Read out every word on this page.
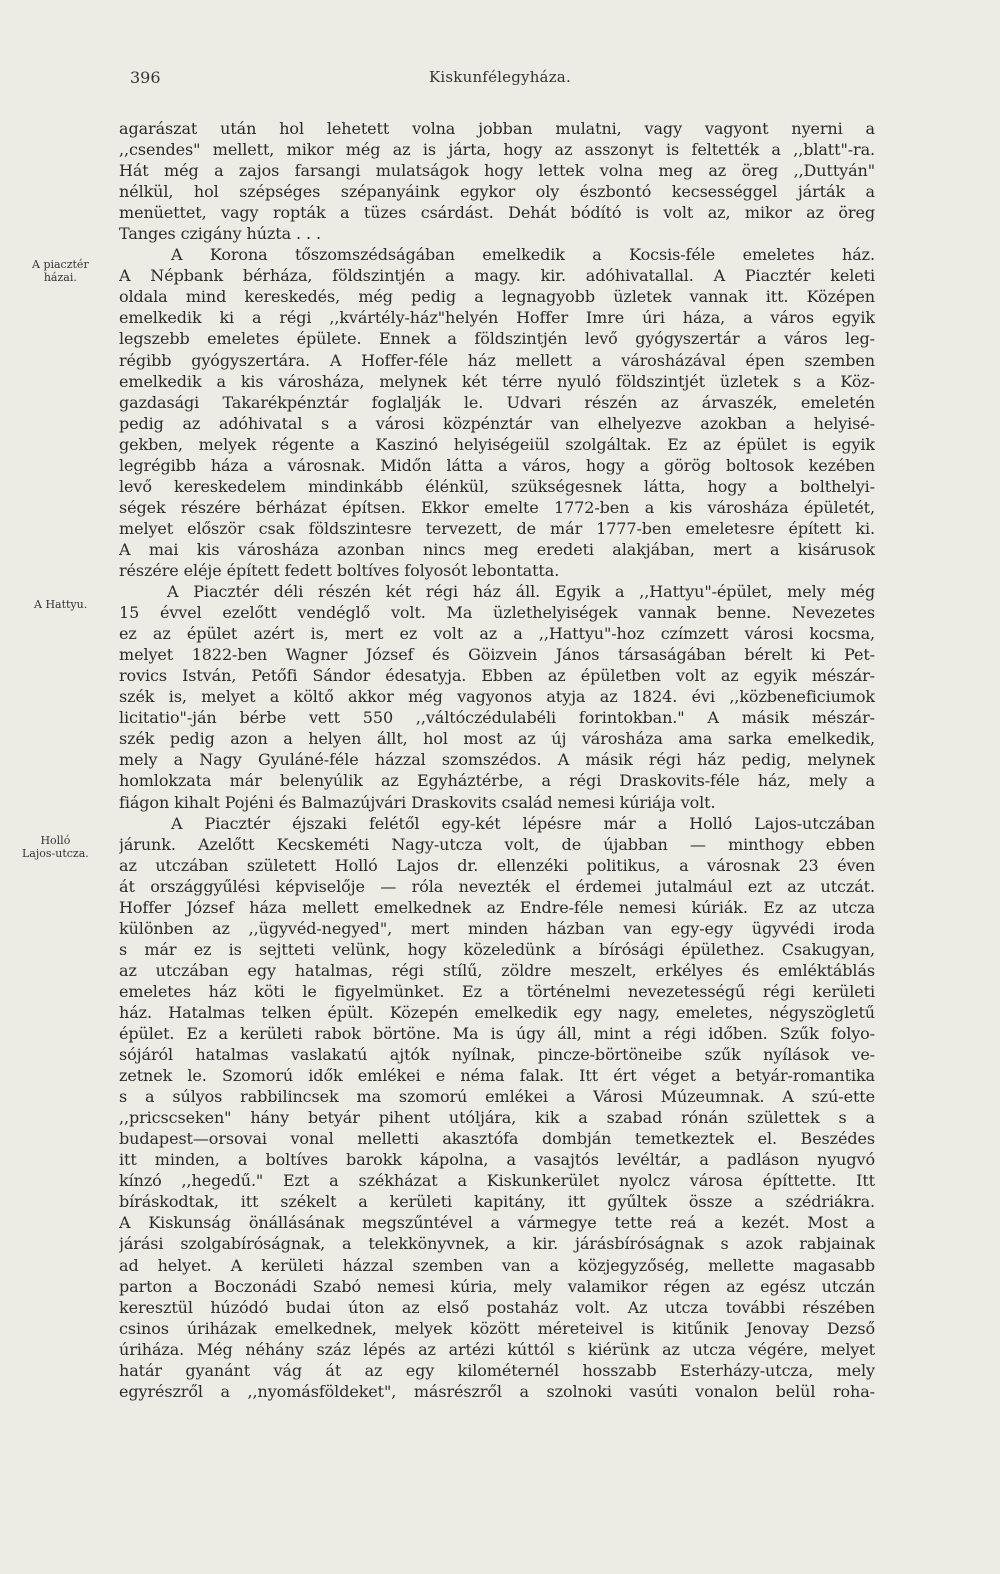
396	Kiskunfélegyháza.
A piacztér
házai.
A Hattyu.
Holló
Lajos-utcza.
agarászat után hol lehetett volna jobban mulatni, vagy vagyont nyerni a
,,csendes" mellett, mikor még az is járta, hogy az asszonyt is feltették a ,,blatt"-ra.
Hát még a zajos farsangi mulatságok hogy lettek volna meg az öreg ,,Duttyán"
nélkül, hol szépséges szépanyáink egykor oly észbontó kecsességgel járták a
menüettet, vagy ropták a tüzes csárdást. Dehát bódító is volt az, mikor az öreg
Tanges czigány húzta . . .
A Korona tőszomszédságában emelkedik a Kocsis-féle emeletes ház.
A Népbank bérháza, földszintjén a magy. kir. adóhivatallal. A Piacztér keleti
oldala mind kereskedés, még pedig a legnagyobb üzletek vannak itt. Középen
emelkedik ki a régi ,,kvártély-ház"helyén Hoffer Imre úri háza, a város egyik
legszebb emeletes épülete. Ennek a földszintjén levő gyógyszertár a város leg-
régibb gyógyszertára. A Hoffer-féle ház mellett a városházával épen szemben
emelkedik a kis városháza, melynek két térre nyuló földszintjét üzletek s a Köz-
gazdasági Takarékpénztár foglalják le. Udvari részén az árvaszék, emeletén
pedig az adóhivatal s a városi közpénztár van elhelyezve azokban a helyisé-
gekben, melyek régente a Kaszinó helyiségeiül szolgáltak. Ez az épület is egyik
legrégibb háza a városnak. Midőn látta a város, hogy a görög boltosok kezében
levő kereskedelem mindinkább élénkül, szükségesnek látta, hogy a bolthelyi-
ségek részére bérházat építsen. Ekkor emelte 1772-ben a kis városháza épületét,
melyet először csak földszintesre tervezett, de már 1777-ben emeletesre épített ki.
A mai kis városháza azonban nincs meg eredeti alakjában, mert a kisárusok
részére eléje épített fedett boltíves folyosót lebontatta.
A Piacztér déli részén két régi ház áll. Egyik a ,,Hattyu"-épület, mely még
15 évvel ezelőtt vendéglő volt. Ma üzlethelyiségek vannak benne. Nevezetes
ez az épület azért is, mert ez volt az a ,,Hattyu"-hoz czímzett városi kocsma,
melyet 1822-ben Wagner József és Göizvein János társaságában bérelt ki Pet-
rovics István, Petőfi Sándor édesatyja. Ebben az épületben volt az egyik mészár-
szék is, melyet a költő akkor még vagyonos atyja az 1824. évi ,,közbeneficiumok
licitatio"-ján bérbe vett 550 ,,váltóczédulabéli forintokban." A másik mészár-
szék pedig azon a helyen állt, hol most az új városháza ama sarka emelkedik,
mely a Nagy Gyuláné-féle házzal szomszédos. A másik régi ház pedig, melynek
homlokzata már belenyúlik az Egyháztérbe, a régi Draskovits-féle ház, mely a
fiágon kihalt Pojéni és Balmazújvári Draskovits család nemesi kúriája volt.
A Piacztér éjszaki felétől egy-két lépésre már a Holló Lajos-utczában
járunk. Azelőtt Kecskeméti Nagy-utcza volt, de újabban — minthogy ebben
az utczában született Holló Lajos dr. ellenzéki politikus, a városnak 23 éven
át országgyűlési képviselője — róla nevezték el érdemei jutalmául ezt az utczát.
Hoffer József háza mellett emelkednek az Endre-féle nemesi kúriák. Ez az utcza
különben az ,,ügyvéd-negyed", mert minden házban van egy-egy ügyvédi iroda
s már ez is sejtteti velünk, hogy közeledünk a bírósági épülethez. Csakugyan,
az utczában egy hatalmas, régi stílű, zöldre meszelt, erkélyes és emléktáblás
emeletes ház köti le figyelmünket. Ez a történelmi nevezetességű régi kerületi
ház. Hatalmas telken épült. Közepén emelkedik egy nagy, emeletes, négyszögletű
épület. Ez a kerületi rabok börtöne. Ma is úgy áll, mint a régi időben. Szűk folyo-
sójáról hatalmas vaslakatú ajtók nyílnak, pincze-börtöneibe szűk nyílások ve-
zetnek le. Szomorú idők emlékei e néma falak. Itt ért véget a betyár-romantika
s a súlyos rabbilincsek ma szomorú emlékei a Városi Múzeumnak. A szú-ette
,,pricscseken" hány betyár pihent utóljára, kik a szabad rónán születtek s a
budapest—orsovai vonal melletti akasztófa dombján temetkeztek el. Beszédes
itt minden, a boltíves barokk kápolna, a vasajtós levéltár, a padláson nyugvó
kínzó ,,hegedű." Ezt a székházat a Kiskunkerület nyolcz városa építtette. Itt
bíráskodtak, itt székelt a kerületi kapitány, itt gyűltek össze a szédriákra.
A Kiskunság önállásának megszűntével a vármegye tette reá a kezét. Most a
járási szolgabíróságnak, a telekkönyvnek, a kir. járásbíróságnak s azok rabjainak
ad helyet. A kerületi házzal szemben van a közjegyzőség, mellette magasabb
parton a Boczonádi Szabó nemesi kúria, mely valamikor régen az egész utczán
keresztül húzódó budai úton az első postaház volt. Az utcza további részében
csinos úriházak emelkednek, melyek között méreteivel is kitűnik Jenovay Dezső
úriháza. Még néhány száz lépés az artézi kúttól s kiérünk az utcza végére, melyet
határ gyanánt vág át az egy kilométernél hosszabb Esterházy-utcza, mely
egyrészről a ,,nyomásföldeket", másrészről a szolnoki vasúti vonalon belül roha-
